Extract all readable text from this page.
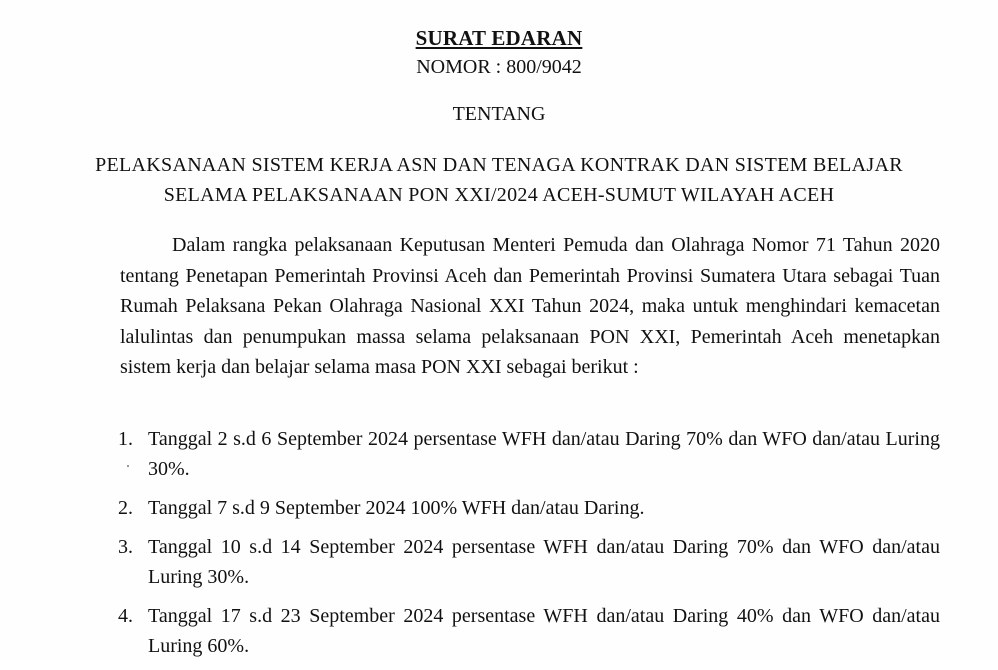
SURAT EDARAN
NOMOR : 800/9042
TENTANG
PELAKSANAAN SISTEM KERJA ASN DAN TENAGA KONTRAK DAN SISTEM BELAJAR
SELAMA PELAKSANAAN PON XXI/2024 ACEH-SUMUT WILAYAH ACEH
Dalam rangka pelaksanaan Keputusan Menteri Pemuda dan Olahraga Nomor 71 Tahun 2020 tentang Penetapan Pemerintah Provinsi Aceh dan Pemerintah Provinsi Sumatera Utara sebagai Tuan Rumah Pelaksana Pekan Olahraga Nasional XXI Tahun 2024, maka untuk menghindari kemacetan lalulintas dan penumpukan massa selama pelaksanaan PON XXI, Pemerintah Aceh menetapkan sistem kerja dan belajar selama masa PON XXI sebagai berikut :
1. Tanggal 2 s.d 6 September 2024 persentase WFH dan/atau Daring 70% dan WFO dan/atau Luring 30%.
2. Tanggal 7 s.d 9 September 2024 100% WFH dan/atau Daring.
3. Tanggal 10 s.d 14 September 2024 persentase WFH dan/atau Daring 70% dan WFO dan/atau Luring 30%.
4. Tanggal 17 s.d 23 September 2024 persentase WFH dan/atau Daring 40% dan WFO dan/atau Luring 60%.
